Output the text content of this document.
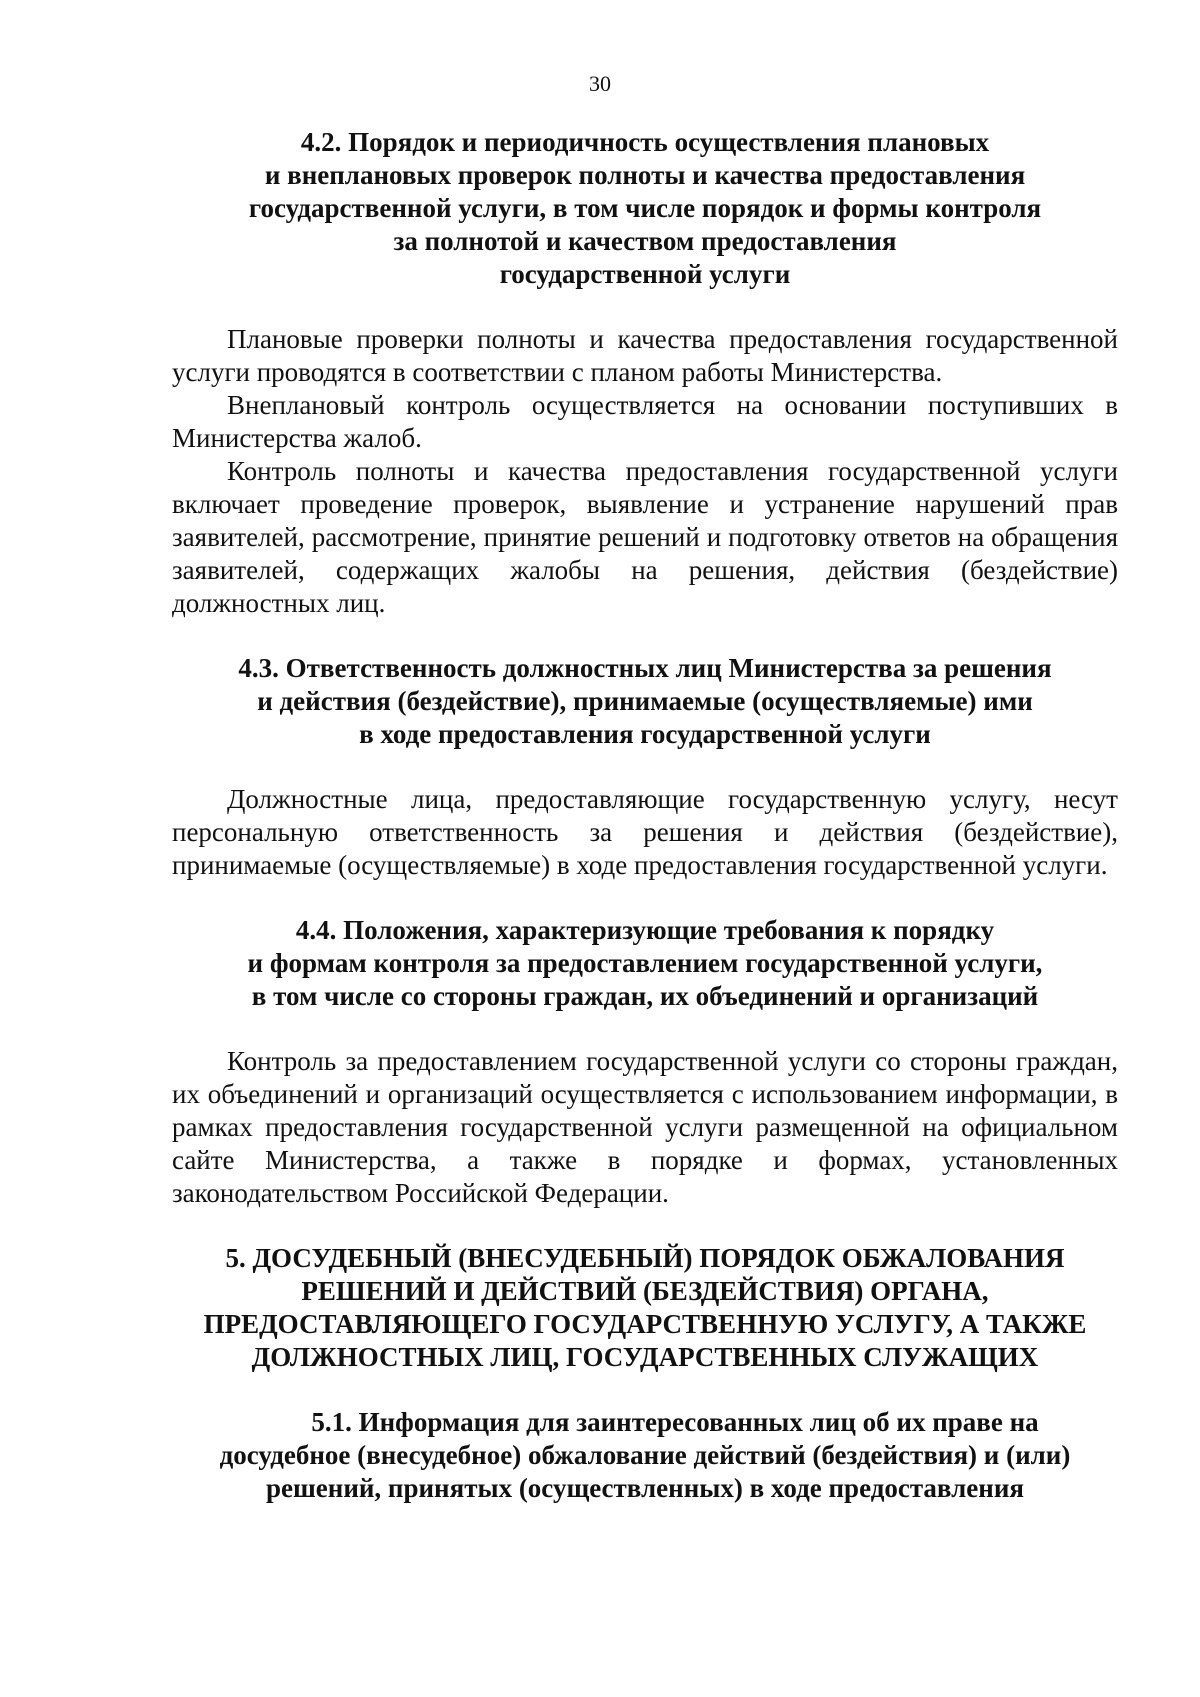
30
4.2. Порядок и периодичность осуществления плановых
и внеплановых проверок полноты и качества предоставления
государственной услуги, в том числе порядок и формы контроля
за полнотой и качеством предоставления
государственной услуги

Плановые проверки полноты и качества предоставления государственной услуги проводятся в соответствии с планом работы Министерства.

Внеплановый контроль осуществляется на основании поступивших в Министерства жалоб.

Контроль полноты и качества предоставления государственной услуги включает проведение проверок, выявление и устранение нарушений прав заявителей, рассмотрение, принятие решений и подготовку ответов на обращения заявителей, содержащих жалобы на решения, действия (бездействие) должностных лиц.

4.3. Ответственность должностных лиц Министерства за решения
и действия (бездействие), принимаемые (осуществляемые) ими
в ходе предоставления государственной услуги

Должностные лица, предоставляющие государственную услугу, несут персональную ответственность за решения и действия (бездействие), принимаемые (осуществляемые) в ходе предоставления государственной услуги.

4.4. Положения, характеризующие требования к порядку
и формам контроля за предоставлением государственной услуги,
в том числе со стороны граждан, их объединений и организаций

Контроль за предоставлением государственной услуги со стороны граждан, их объединений и организаций осуществляется с использованием информации, в рамках предоставления государственной услуги размещенной на официальном сайте Министерства, а также в порядке и формах, установленных законодательством Российской Федерации.

5. ДОСУДЕБНЫЙ (ВНЕСУДЕБНЫЙ) ПОРЯДОК ОБЖАЛОВАНИЯ
РЕШЕНИЙ И ДЕЙСТВИЙ (БЕЗДЕЙСТВИЯ) ОРГАНА,
ПРЕДОСТАВЛЯЮЩЕГО ГОСУДАРСТВЕННУЮ УСЛУГУ, А ТАКЖЕ
ДОЛЖНОСТНЫХ ЛИЦ, ГОСУДАРСТВЕННЫХ СЛУЖАЩИХ
5.1. Информация для заинтересованных лиц об их праве на
досудебное (внесудебное) обжалование действий (бездействия) и (или)
решений, принятых (осуществленных) в ходе предоставления
